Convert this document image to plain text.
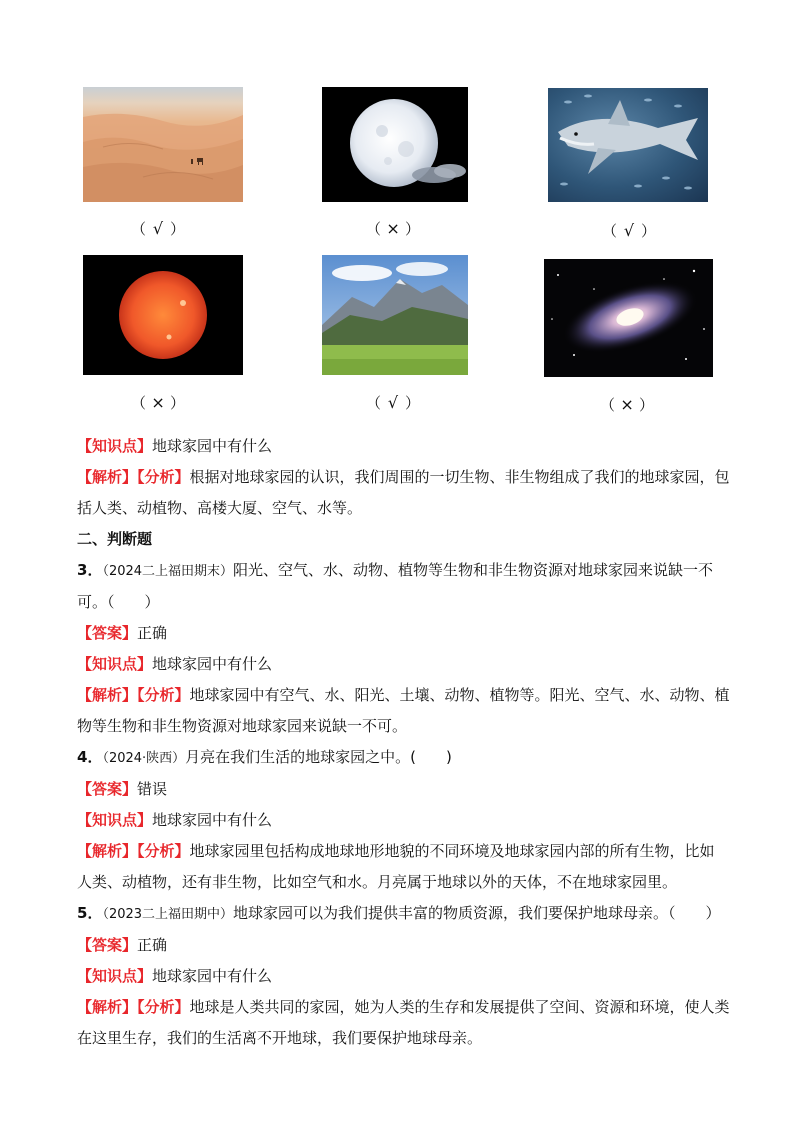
（ √ ）	（ × ）	（ √ ）
（ × ）	（ √ ）	（ × ）
【知识点】地球家园中有什么
【解析】【分析】根据对地球家园的认识，我们周围的一切生物、非生物组成了我们的地球家园，包
括人类、动植物、高楼大厦、空气、水等。
二、判断题
3．（2024二上福田期末）阳光、空气、水、动物、植物等生物和非生物资源对地球家园来说缺一不
可。（　　）
【答案】正确
【知识点】地球家园中有什么
【解析】【分析】地球家园中有空气、水、阳光、土壤、动物、植物等。阳光、空气、水、动物、植
物等生物和非生物资源对地球家园来说缺一不可。
4．（2024·陕西）月亮在我们生活的地球家园之中。(　　)
【答案】错误
【知识点】地球家园中有什么
【解析】【分析】地球家园里包括构成地球地形地貌的不同环境及地球家园内部的所有生物，比如
人类、动植物，还有非生物，比如空气和水。月亮属于地球以外的天体，不在地球家园里。
5．（2023二上福田期中）地球家园可以为我们提供丰富的物质资源，我们要保护地球母亲。（　　）
【答案】正确
【知识点】地球家园中有什么
【解析】【分析】地球是人类共同的家园，她为人类的生存和发展提供了空间、资源和环境，使人类
在这里生存，我们的生活离不开地球，我们要保护地球母亲。
